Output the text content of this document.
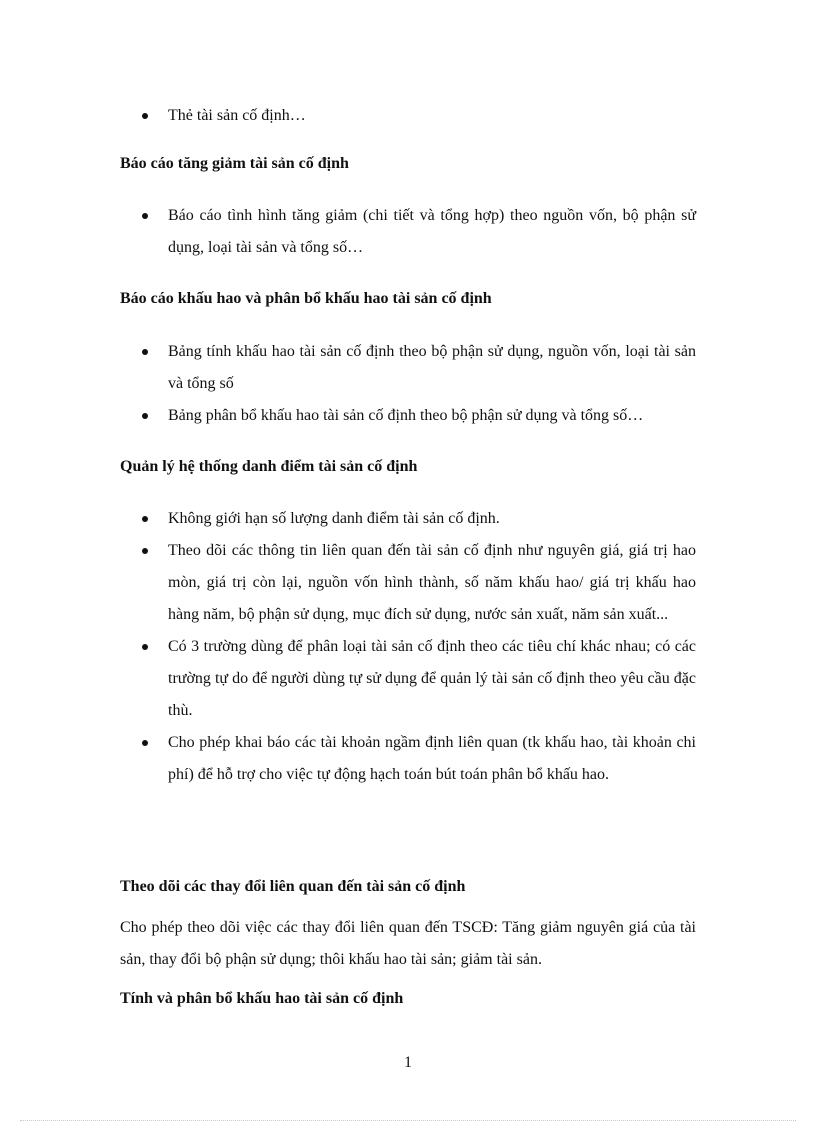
Thẻ tài sản cố định…
Báo cáo tăng giảm tài sản cố định
Báo cáo tình hình tăng giảm (chi tiết và tổng hợp) theo nguồn vốn, bộ phận sử dụng, loại tài sản và tổng số…
Báo cáo khấu hao và phân bổ khấu hao tài sản cố định
Bảng tính khấu hao tài sản cố định theo bộ phận sử dụng, nguồn vốn, loại tài sản và tổng số
Bảng phân bổ khấu hao tài sản cố định theo bộ phận sử dụng và tổng số…
Quản lý hệ thống danh điểm tài sản cố định
Không giới hạn số lượng danh điểm tài sản cố định.
Theo dõi các thông tin liên quan đến tài sản cố định như nguyên giá, giá trị hao mòn, giá trị còn lại, nguồn vốn hình thành, số năm khấu hao/ giá trị khấu hao hàng năm, bộ phận sử dụng, mục đích sử dụng, nước sản xuất, năm sản xuất...
Có 3 trường dùng để phân loại tài sản cố định theo các tiêu chí khác nhau; có các trường tự do để người dùng tự sử dụng để quản lý tài sản cố định theo yêu cầu đặc thù.
Cho phép khai báo các tài khoản ngầm định liên quan (tk khấu hao, tài khoản chi phí) để hỗ trợ cho việc tự động hạch toán bút toán phân bổ khấu hao.
Theo dõi các thay đổi liên quan đến tài sản cố định

Cho phép theo dõi việc các thay đổi liên quan đến TSCĐ: Tăng giảm nguyên giá của tài sản, thay đổi bộ phận sử dụng; thôi khấu hao tài sản; giảm tài sản.

Tính và phân bổ khấu hao tài sản cố định
1
